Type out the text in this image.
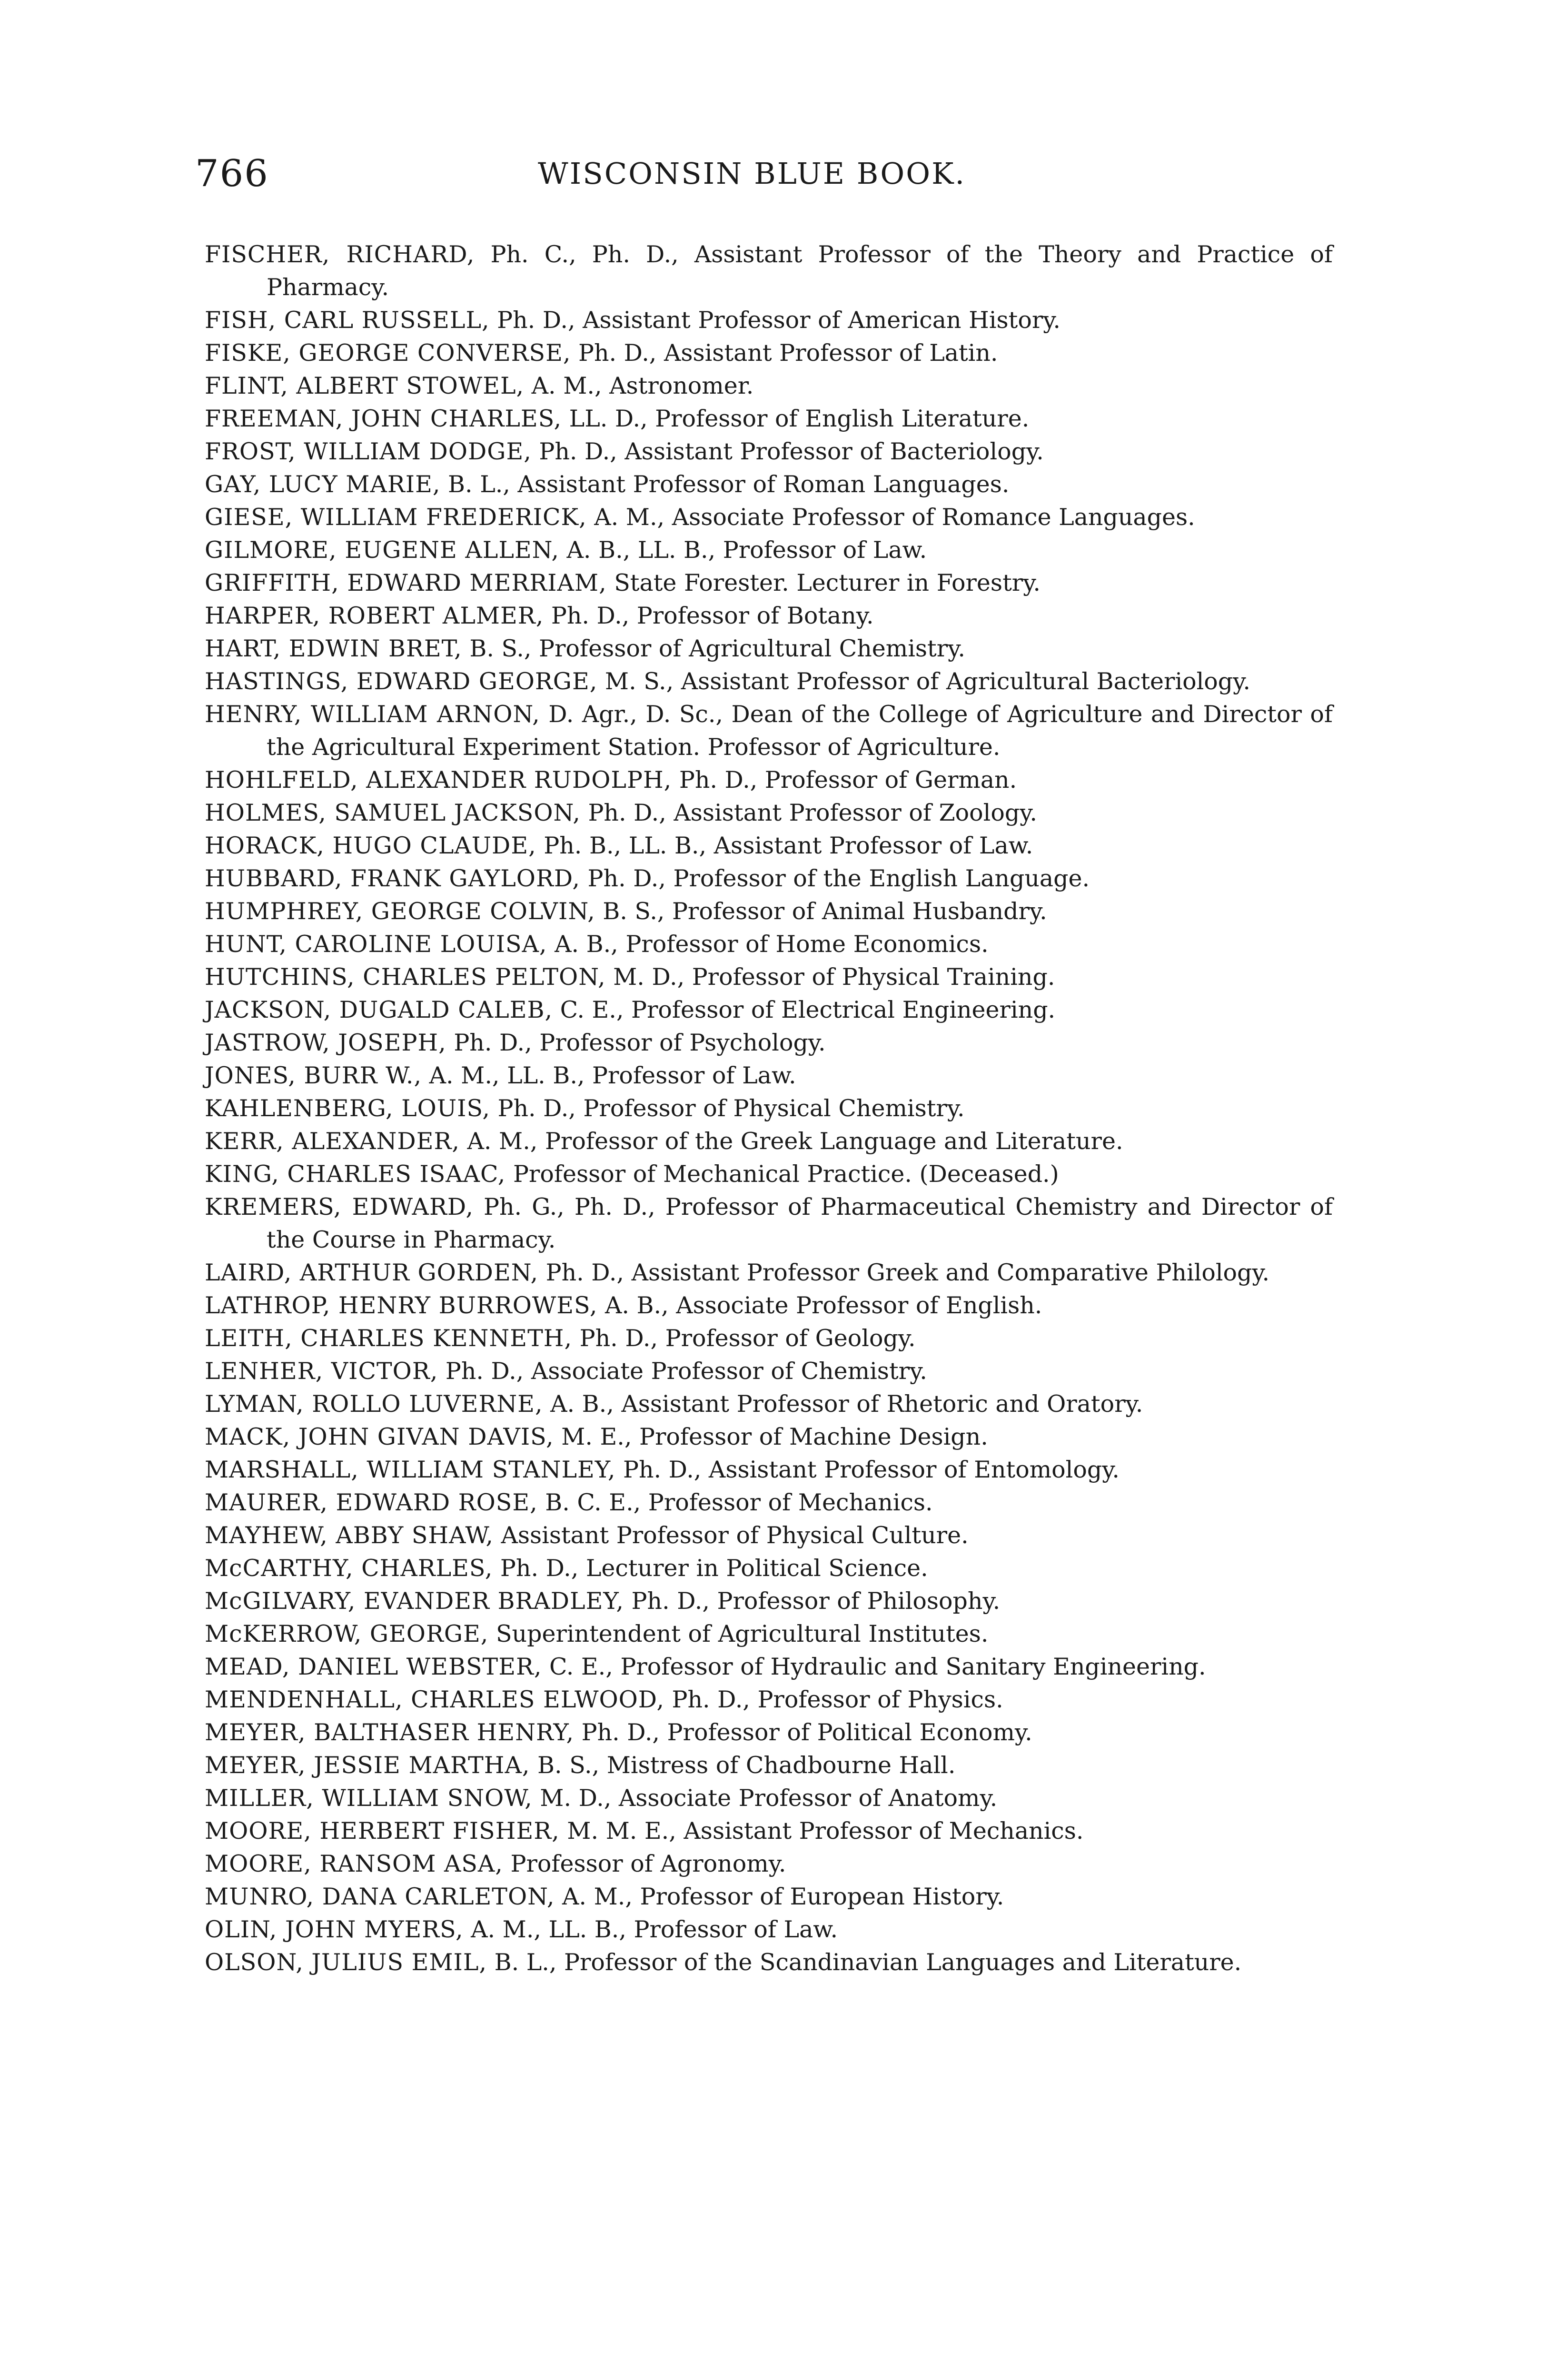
766	WISCONSIN BLUE BOOK.

FISCHER, RICHARD, Ph. C., Ph. D., Assistant Professor of the Theory and Practice of Pharmacy.

FISH, CARL RUSSELL, Ph. D., Assistant Professor of American History.

FISKE, GEORGE CONVERSE, Ph. D., Assistant Professor of Latin.

FLINT, ALBERT STOWEL, A. M., Astronomer.

FREEMAN, JOHN CHARLES, LL. D., Professor of English Literature.

FROST, WILLIAM DODGE, Ph. D., Assistant Professor of Bacteriology.

GAY, LUCY MARIE, B. L., Assistant Professor of Roman Languages.

GIESE, WILLIAM FREDERICK, A. M., Associate Professor of Romance Languages.

GILMORE, EUGENE ALLEN, A. B., LL. B., Professor of Law.

GRIFFITH, EDWARD MERRIAM, State Forester. Lecturer in Forestry.

HARPER, ROBERT ALMER, Ph. D., Professor of Botany.

HART, EDWIN BRET, B. S., Professor of Agricultural Chemistry.

HASTINGS, EDWARD GEORGE, M. S., Assistant Professor of Agricultural Bacteriology.

HENRY, WILLIAM ARNON, D. Agr., D. Sc., Dean of the College of Agriculture and Director of the Agricultural Experiment Station. Professor of Agriculture.

HOHLFELD, ALEXANDER RUDOLPH, Ph. D., Professor of German.

HOLMES, SAMUEL JACKSON, Ph. D., Assistant Professor of Zoology.

HORACK, HUGO CLAUDE, Ph. B., LL. B., Assistant Professor of Law.

HUBBARD, FRANK GAYLORD, Ph. D., Professor of the English Language.

HUMPHREY, GEORGE COLVIN, B. S., Professor of Animal Husbandry.

HUNT, CAROLINE LOUISA, A. B., Professor of Home Economics.

HUTCHINS, CHARLES PELTON, M. D., Professor of Physical Training.

JACKSON, DUGALD CALEB, C. E., Professor of Electrical Engineering.

JASTROW, JOSEPH, Ph. D., Professor of Psychology.

JONES, BURR W., A. M., LL. B., Professor of Law.

KAHLENBERG, LOUIS, Ph. D., Professor of Physical Chemistry.

KERR, ALEXANDER, A. M., Professor of the Greek Language and Literature.

KING, CHARLES ISAAC, Professor of Mechanical Practice. (Deceased.)

KREMERS, EDWARD, Ph. G., Ph. D., Professor of Pharmaceutical Chemistry and Director of the Course in Pharmacy.

LAIRD, ARTHUR GORDEN, Ph. D., Assistant Professor Greek and Comparative Philology.

LATHROP, HENRY BURROWES, A. B., Associate Professor of English.

LEITH, CHARLES KENNETH, Ph. D., Professor of Geology.

LENHER, VICTOR, Ph. D., Associate Professor of Chemistry.

LYMAN, ROLLO LUVERNE, A. B., Assistant Professor of Rhetoric and Oratory.

MACK, JOHN GIVAN DAVIS, M. E., Professor of Machine Design.

MARSHALL, WILLIAM STANLEY, Ph. D., Assistant Professor of Entomology.

MAURER, EDWARD ROSE, B. C. E., Professor of Mechanics.

MAYHEW, ABBY SHAW, Assistant Professor of Physical Culture.

McCARTHY, CHARLES, Ph. D., Lecturer in Political Science.

McGILVARY, EVANDER BRADLEY, Ph. D., Professor of Philosophy.

McKERROW, GEORGE, Superintendent of Agricultural Institutes.

MEAD, DANIEL WEBSTER, C. E., Professor of Hydraulic and Sanitary Engineering.

MENDENHALL, CHARLES ELWOOD, Ph. D., Professor of Physics.

MEYER, BALTHASER HENRY, Ph. D., Professor of Political Economy.

MEYER, JESSIE MARTHA, B. S., Mistress of Chadbourne Hall.

MILLER, WILLIAM SNOW, M. D., Associate Professor of Anatomy.

MOORE, HERBERT FISHER, M. M. E., Assistant Professor of Mechanics.

MOORE, RANSOM ASA, Professor of Agronomy.

MUNRO, DANA CARLETON, A. M., Professor of European History.

OLIN, JOHN MYERS, A. M., LL. B., Professor of Law.

OLSON, JULIUS EMIL, B. L., Professor of the Scandinavian Languages and Literature.
